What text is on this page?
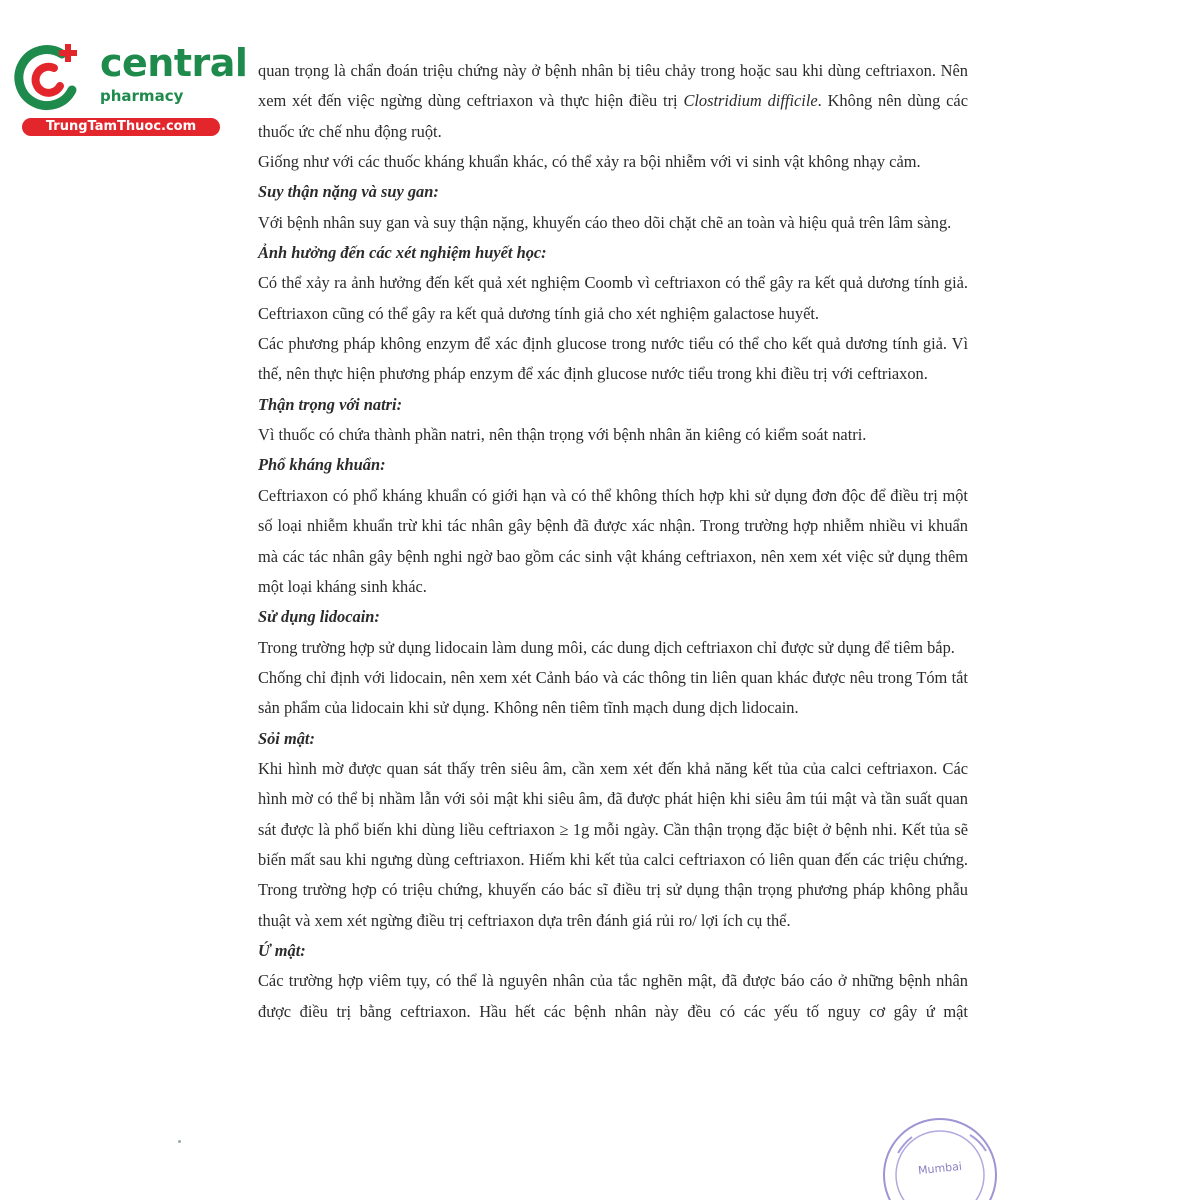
central
pharmacy
TrungTamThuoc.com

quan trọng là chẩn đoán triệu chứng này ở bệnh nhân bị tiêu chảy trong hoặc sau khi dùng ceftriaxon. Nên xem xét đến việc ngừng dùng ceftriaxon và thực hiện điều trị Clostridium difficile. Không nên dùng các thuốc ức chế nhu động ruột.

Giống như với các thuốc kháng khuẩn khác, có thể xảy ra bội nhiễm với vi sinh vật không nhạy cảm.

Suy thận nặng và suy gan:

Với bệnh nhân suy gan và suy thận nặng, khuyến cáo theo dõi chặt chẽ an toàn và hiệu quả trên lâm sàng.

Ảnh hưởng đến các xét nghiệm huyết học:

Có thể xảy ra ảnh hưởng đến kết quả xét nghiệm Coomb vì ceftriaxon có thể gây ra kết quả dương tính giả. Ceftriaxon cũng có thể gây ra kết quả dương tính giả cho xét nghiệm galactose huyết.

Các phương pháp không enzym để xác định glucose trong nước tiểu có thể cho kết quả dương tính giả. Vì thế, nên thực hiện phương pháp enzym để xác định glucose nước tiểu trong khi điều trị với ceftriaxon.

Thận trọng với natri:

Vì thuốc có chứa thành phần natri, nên thận trọng với bệnh nhân ăn kiêng có kiểm soát natri.

Phổ kháng khuẩn:

Ceftriaxon có phổ kháng khuẩn có giới hạn và có thể không thích hợp khi sử dụng đơn độc để điều trị một số loại nhiễm khuẩn trừ khi tác nhân gây bệnh đã được xác nhận. Trong trường hợp nhiễm nhiều vi khuẩn mà các tác nhân gây bệnh nghi ngờ bao gồm các sinh vật kháng ceftriaxon, nên xem xét việc sử dụng thêm một loại kháng sinh khác.

Sử dụng lidocain:

Trong trường hợp sử dụng lidocain làm dung môi, các dung dịch ceftriaxon chỉ được sử dụng để tiêm bắp.

Chống chỉ định với lidocain, nên xem xét Cảnh báo và các thông tin liên quan khác được nêu trong Tóm tắt sản phẩm của lidocain khi sử dụng. Không nên tiêm tĩnh mạch dung dịch lidocain.

Sỏi mật:

Khi hình mờ được quan sát thấy trên siêu âm, cần xem xét đến khả năng kết tủa của calci ceftriaxon. Các hình mờ có thể bị nhầm lẫn với sỏi mật khi siêu âm, đã được phát hiện khi siêu âm túi mật và tần suất quan sát được là phổ biến khi dùng liều ceftriaxon ≥ 1g mỗi ngày. Cần thận trọng đặc biệt ở bệnh nhi. Kết tủa sẽ biến mất sau khi ngưng dùng ceftriaxon. Hiếm khi kết tủa calci ceftriaxon có liên quan đến các triệu chứng. Trong trường hợp có triệu chứng, khuyến cáo bác sĩ điều trị sử dụng thận trọng phương pháp không phẫu thuật và xem xét ngừng điều trị ceftriaxon dựa trên đánh giá rủi ro/ lợi ích cụ thể.

Ứ mật:

Các trường hợp viêm tụy, có thể là nguyên nhân của tắc nghẽn mật, đã được báo cáo ở những bệnh nhân được điều trị bằng ceftriaxon. Hầu hết các bệnh nhân này đều có các yếu tố nguy cơ gây ứ mật

Mumbai
